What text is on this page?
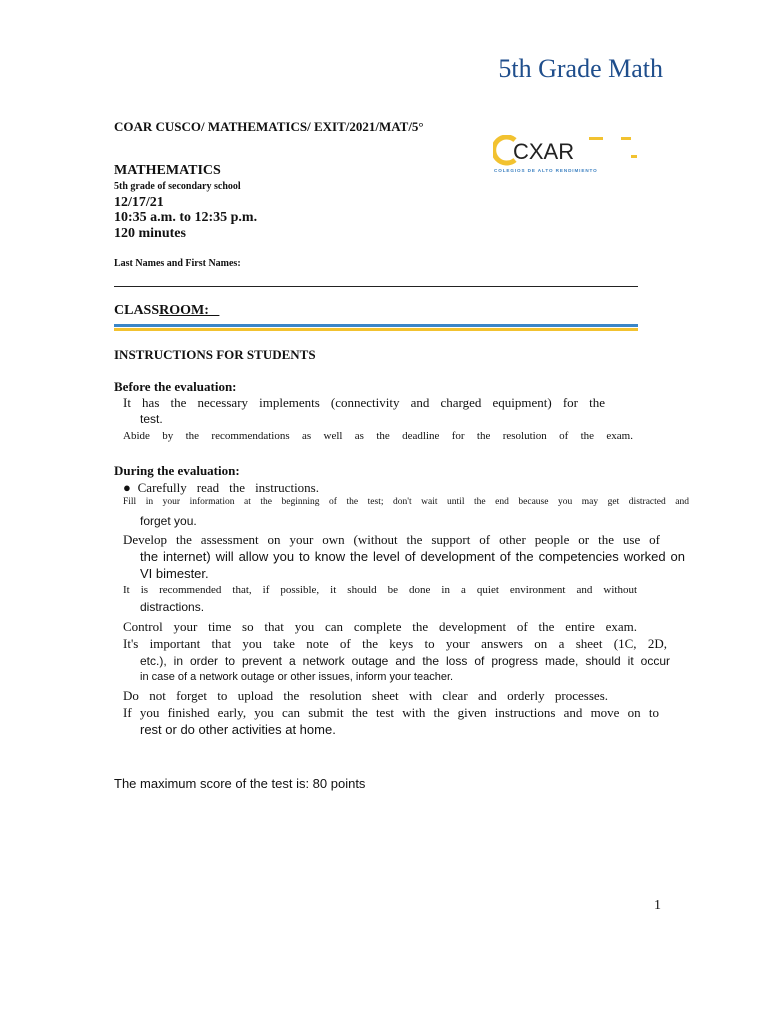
5th Grade Math
COAR CUSCO/ MATHEMATICS/ EXIT/2021/MAT/5°
CXAR
COLEGIOS DE ALTO RENDIMIENTO
MATHEMATICS
5th grade of secondary school
12/17/21
10:35 a.m. to 12:35 p.m.
120 minutes
Last Names and First Names:
CLASSROOM:
INSTRUCTIONS FOR STUDENTS
Before the evaluation:
It has the necessary implements (connectivity and charged equipment) for the
test.
Abide by the recommendations as well as the deadline for the resolution of the exam.
During the evaluation:
●Carefully read the instructions.
Fill in your information at the beginning of the test; don't wait until the end because you may get distracted and
forget you.
Develop the assessment on your own (without the support of other people or the use of
the internet) will allow you to know the level of development of the competencies worked on
VI bimester.
It is recommended that, if possible, it should be done in a quiet environment and without
distractions.
Control your time so that you can complete the development of the entire exam.
It's important that you take note of the keys to your answers on a sheet (1C, 2D,
etc.), in order to prevent a network outage and the loss of progress made, should it occur
in case of a network outage or other issues, inform your teacher.
Do not forget to upload the resolution sheet with clear and orderly processes.
If you finished early, you can submit the test with the given instructions and move on to
rest or do other activities at home.
The maximum score of the test is: 80 points
1
